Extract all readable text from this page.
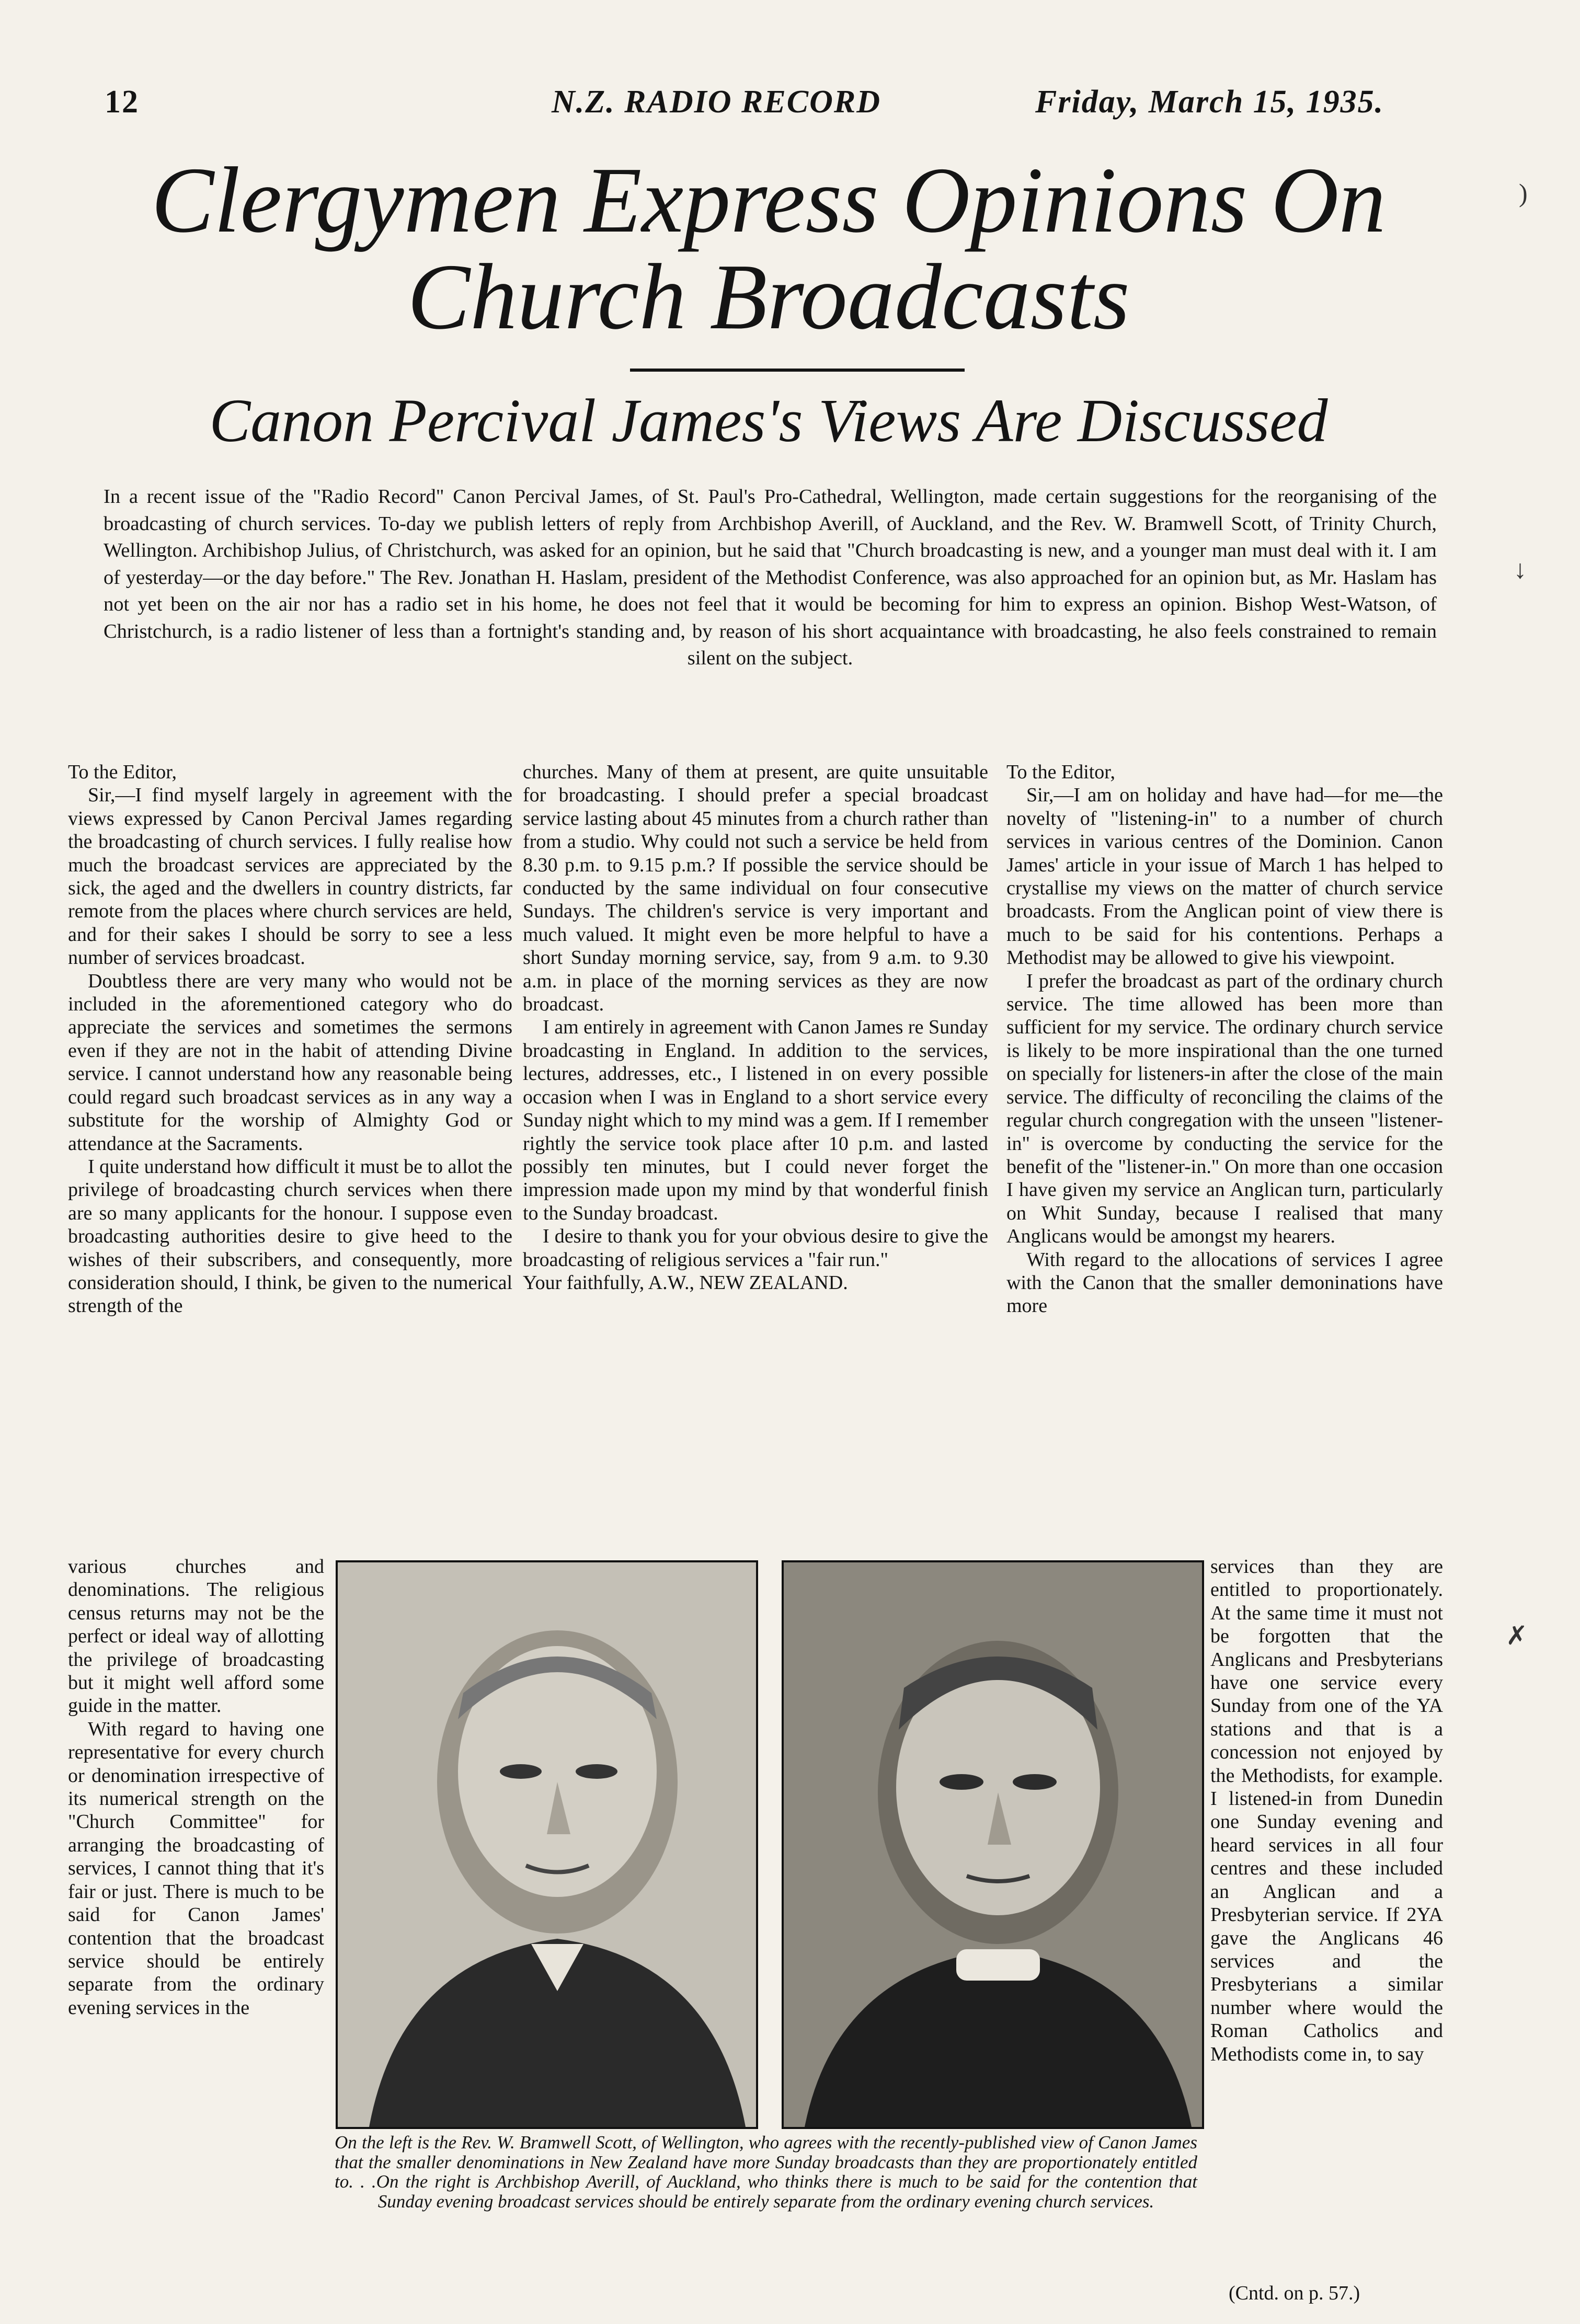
12	N.Z. RADIO RECORD	Friday, March 15, 1935.
Clergymen Express Opinions On Church Broadcasts
Canon Percival James's Views Are Discussed
In a recent issue of the "Radio Record" Canon Percival James, of St. Paul's Pro-Cathedral, Wellington, made certain suggestions for the reorganising of the broadcasting of church services. To-day we publish letters of reply from Archbishop Averill, of Auckland, and the Rev. W. Bramwell Scott, of Trinity Church, Wellington. Archibishop Julius, of Christchurch, was asked for an opinion, but he said that "Church broadcasting is new, and a younger man must deal with it. I am of yesterday—or the day before." The Rev. Jonathan H. Haslam, president of the Methodist Conference, was also approached for an opinion but, as Mr. Haslam has not yet been on the air nor has a radio set in his home, he does not feel that it would be becoming for him to express an opinion. Bishop West-Watson, of Christchurch, is a radio listener of less than a fortnight's standing and, by reason of his short acquaintance with broadcasting, he also feels constrained to remain silent on the subject.

To the Editor,

Sir,—I find myself largely in agreement with the views expressed by Canon Percival James regarding the broadcasting of church services. I fully realise how much the broadcast services are appreciated by the sick, the aged and the dwellers in country districts, far remote from the places where church services are held, and for their sakes I should be sorry to see a less number of services broadcast.

Doubtless there are very many who would not be included in the aforementioned category who do appreciate the services and sometimes the sermons even if they are not in the habit of attending Divine service. I cannot understand how any reasonable being could regard such broadcast services as in any way a substitute for the worship of Almighty God or attendance at the Sacraments.

I quite understand how difficult it must be to allot the privilege of broadcasting church services when there are so many applicants for the honour. I suppose even broadcasting authorities desire to give heed to the wishes of their subscribers, and consequently, more consideration should, I think, be given to the numerical strength of the

various churches and denominations. The religious census returns may not be the perfect or ideal way of allotting the privilege of broadcasting but it might well afford some guide in the matter.

With regard to having one representative for every church or denomination irrespective of its numerical strength on the "Church Committee" for arranging the broadcasting of services, I cannot thing that it's fair or just. There is much to be said for Canon James' contention that the broadcast service should be entirely separate from the ordinary evening services in the

churches. Many of them at present, are quite unsuitable for broadcasting. I should prefer a special broadcast service lasting about 45 minutes from a church rather than from a studio. Why could not such a service be held from 8.30 p.m. to 9.15 p.m.? If possible the service should be conducted by the same individual on four consecutive Sundays. The children's service is very important and much valued. It might even be more helpful to have a short Sunday morning service, say, from 9 a.m. to 9.30 a.m. in place of the morning services as they are now broadcast.

I am entirely in agreement with Canon James re Sunday broadcasting in England. In addition to the services, lectures, addresses, etc., I listened in on every possible occasion when I was in England to a short service every Sunday night which to my mind was a gem. If I remember rightly the service took place after 10 p.m. and lasted possibly ten minutes, but I could never forget the impression made upon my mind by that wonderful finish to the Sunday broadcast.

I desire to thank you for your obvious desire to give the broadcasting of religious services a "fair run."

Your faithfully, A.W., NEW ZEALAND.

To the Editor,

Sir,—I am on holiday and have had—for me—the novelty of "listening-in" to a number of church services in various centres of the Dominion. Canon James' article in your issue of March 1 has helped to crystallise my views on the matter of church service broadcasts. From the Anglican point of view there is much to be said for his contentions. Perhaps a Methodist may be allowed to give his viewpoint.

I prefer the broadcast as part of the ordinary church service. The time allowed has been more than sufficient for my service. The ordinary church service is likely to be more inspirational than the one turned on specially for listeners-in after the close of the main service. The difficulty of reconciling the claims of the regular church congregation with the unseen "listener-in" is overcome by conducting the service for the benefit of the "listener-in." On more than one occasion I have given my service an Anglican turn, particularly on Whit Sunday, because I realised that many Anglicans would be amongst my hearers.

With regard to the allocations of services I agree with the Canon that the smaller demoninations have more

services than they are entitled to proportionately. At the same time it must not be forgotten that the Anglicans and Presbyterians have one service every Sunday from one of the YA stations and that is a concession not enjoyed by the Methodists, for example. I listened-in from Dunedin one Sunday evening and heard services in all four centres and these included an Anglican and a Presbyterian service. If 2YA gave the Anglicans 46 services and the Presbyterians a similar number where would the Roman Catholics and Methodists come in, to say

On the left is the Rev. W. Bramwell Scott, of Wellington, who agrees with the recently-published view of Canon James that the smaller denominations in New Zealand have more Sunday broadcasts than they are proportionately entitled to. . .On the right is Archbishop Averill, of Auckland, who thinks there is much to be said for the contention that Sunday evening broadcast services should be entirely separate from the ordinary evening church services.
(Cntd. on p. 57.)
)
↓
✗
